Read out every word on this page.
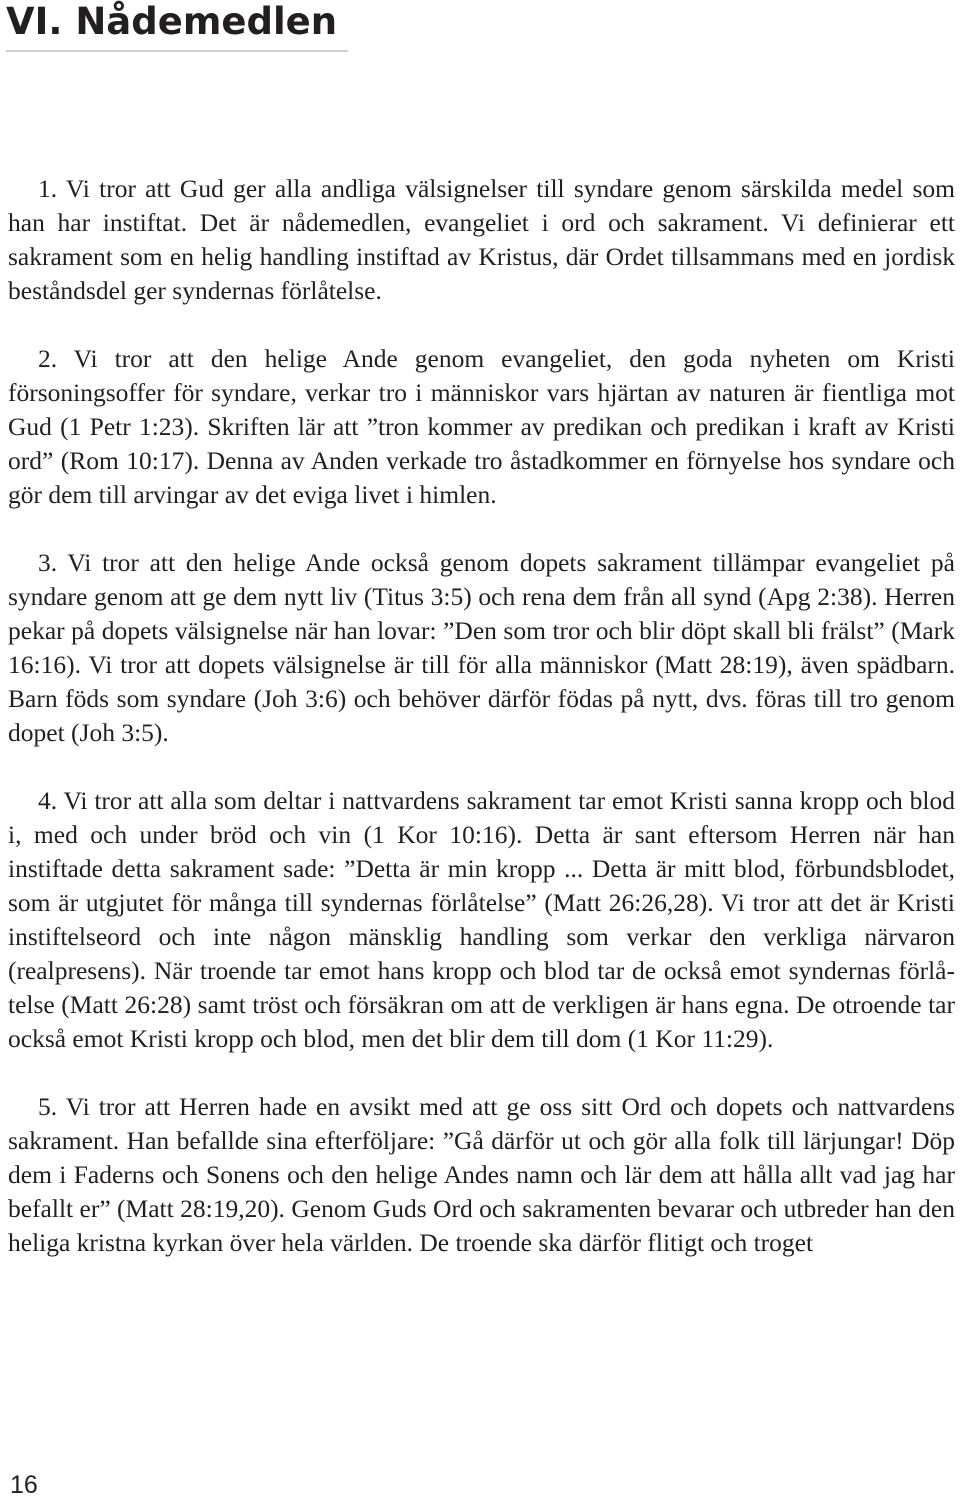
VI. Nådemedlen

1. Vi tror att Gud ger alla andliga välsignelser till syndare genom särskilda medel som han har instiftat. Det är nådemedlen, evangeliet i ord och sakrament. Vi definierar ett sakrament som en helig handling instiftad av Kristus, där Ordet tillsammans med en jordisk beståndsdel ger syndernas förlåtelse.

2. Vi tror att den helige Ande genom evangeliet, den goda nyheten om Kristi försoningsoffer för syndare, verkar tro i människor vars hjärtan av naturen är fientliga mot Gud (1 Petr 1:23). Skriften lär att ”tron kommer av predikan och predikan i kraft av Kristi ord” (Rom 10:17). Denna av Anden verkade tro åstadkommer en förnyelse hos syndare och gör dem till arvingar av det eviga livet i himlen.

3. Vi tror att den helige Ande också genom dopets sakrament tillämpar evangeliet på syndare genom att ge dem nytt liv (Titus 3:5) och rena dem från all synd (Apg 2:38). Herren pekar på dopets välsignelse när han lovar: ”Den som tror och blir döpt skall bli frälst” (Mark 16:16). Vi tror att dopets välsignelse är till för alla människor (Matt 28:19), även spädbarn. Barn föds som syndare (Joh 3:6) och behöver därför födas på nytt, dvs. föras till tro genom dopet (Joh 3:5).

4. Vi tror att alla som deltar i nattvardens sakrament tar emot Kristi sanna kropp och blod i, med och under bröd och vin (1 Kor 10:16). Detta är sant eftersom Herren när han instiftade detta sakrament sade: ”Detta är min kropp ... Detta är mitt blod, förbundsblodet, som är utgjutet för många till syndernas förlåtelse” (Matt 26:26,28). Vi tror att det är Kristi instiftelseord och inte någon mänsklig handling som verkar den verkliga närvaron (realpresens). När troende tar emot hans kropp och blod tar de också emot syndernas förlåtelse (Matt 26:28) samt tröst och försäkran om att de verkligen är hans egna. De otroende tar också emot Kristi kropp och blod, men det blir dem till dom (1 Kor 11:29).

5. Vi tror att Herren hade en avsikt med att ge oss sitt Ord och dopets och nattvardens sakrament. Han befallde sina efterföljare: ”Gå därför ut och gör alla folk till lärjungar! Döp dem i Faderns och Sonens och den helige Andes namn och lär dem att hålla allt vad jag har befallt er” (Matt 28:19,20). Genom Guds Ord och sakramenten bevarar och utbreder han den heliga kristna kyrkan över hela världen. De troende ska därför flitigt och troget

16
